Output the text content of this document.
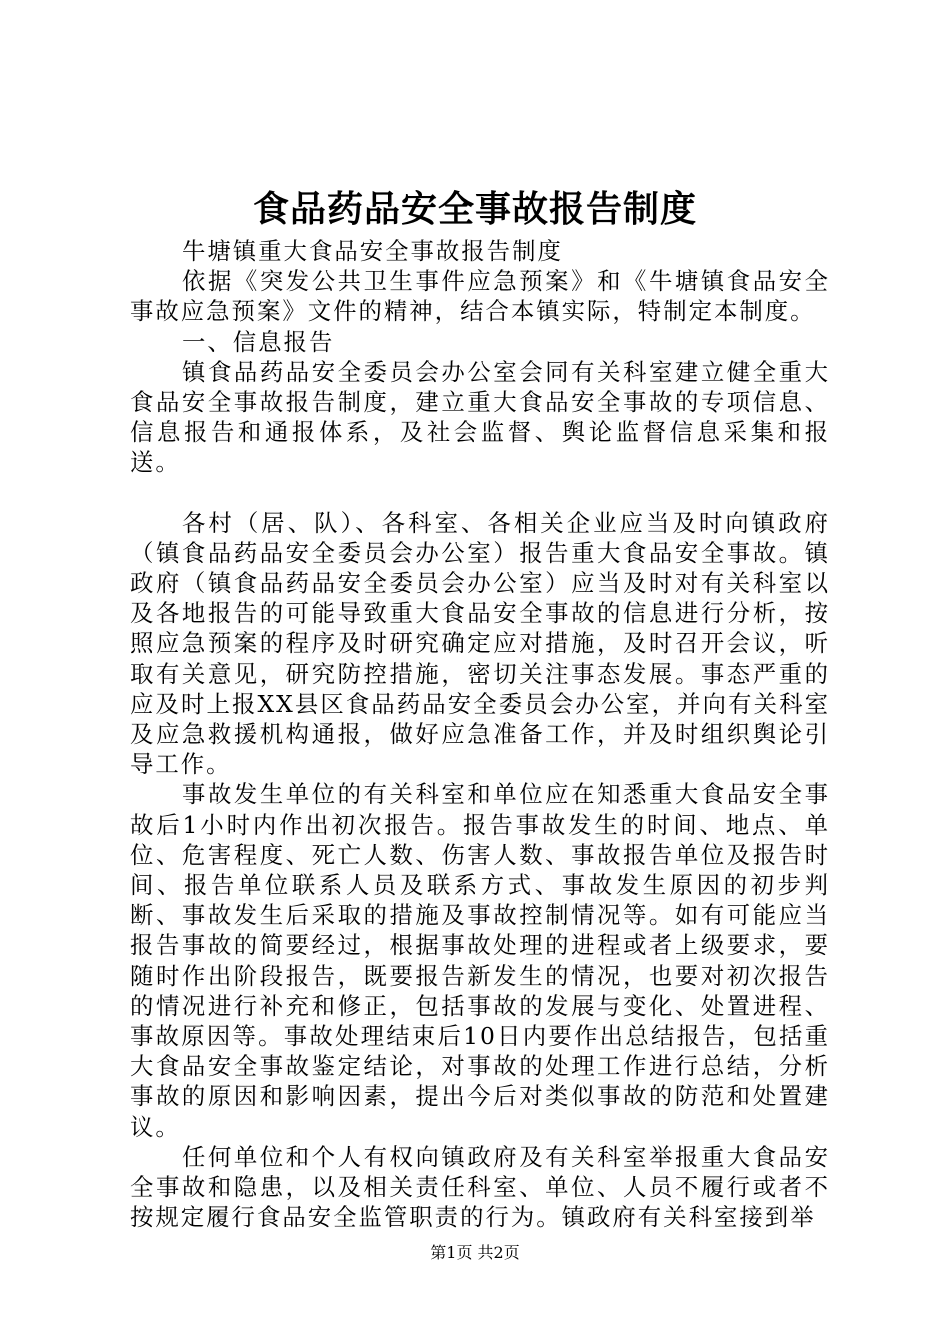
食品药品安全事故报告制度

牛塘镇重大食品安全事故报告制度

依据《突发公共卫生事件应急预案》和《牛塘镇食品安全事故应急预案》文件的精神，结合本镇实际，特制定本制度。

一、信息报告

镇食品药品安全委员会办公室会同有关科室建立健全重大食品安全事故报告制度，建立重大食品安全事故的专项信息、信息报告和通报体系，及社会监督、舆论监督信息采集和报送。

各村（居、队）、各科室、各相关企业应当及时向镇政府（镇食品药品安全委员会办公室）报告重大食品安全事故。镇政府（镇食品药品安全委员会办公室）应当及时对有关科室以及各地报告的可能导致重大食品安全事故的信息进行分析，按照应急预案的程序及时研究确定应对措施，及时召开会议，听取有关意见，研究防控措施，密切关注事态发展。事态严重的应及时上报XX县区食品药品安全委员会办公室，并向有关科室及应急救援机构通报，做好应急准备工作，并及时组织舆论引导工作。

事故发生单位的有关科室和单位应在知悉重大食品安全事故后1小时内作出初次报告。报告事故发生的时间、地点、单位、危害程度、死亡人数、伤害人数、事故报告单位及报告时间、报告单位联系人员及联系方式、事故发生原因的初步判断、事故发生后采取的措施及事故控制情况等。如有可能应当报告事故的简要经过，根据事故处理的进程或者上级要求，要随时作出阶段报告，既要报告新发生的情况，也要对初次报告的情况进行补充和修正，包括事故的发展与变化、处置进程、事故原因等。事故处理结束后10日内要作出总结报告，包括重大食品安全事故鉴定结论，对事故的处理工作进行总结，分析事故的原因和影响因素，提出今后对类似事故的防范和处置建议。

任何单位和个人有权向镇政府及有关科室举报重大食品安全事故和隐患，以及相关责任科室、单位、人员不履行或者不按规定履行食品安全监管职责的行为。镇政府有关科室接到举

第1页 共2页
